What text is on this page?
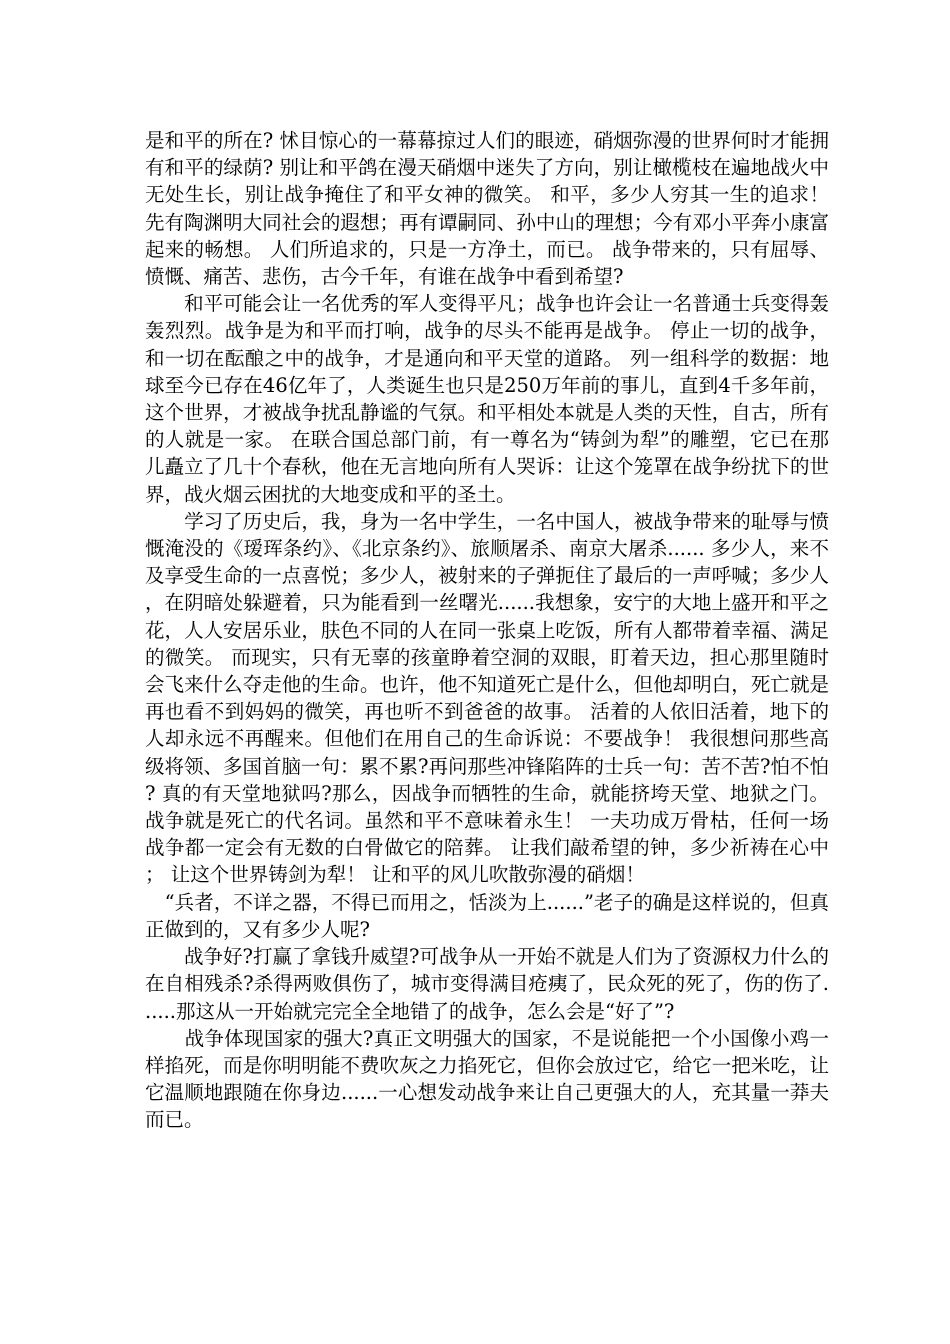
是和平的所在? 怵目惊心的一幕幕掠过人们的眼迹，硝烟弥漫的世界何时才能拥有和平的绿荫? 别让和平鸽在漫天硝烟中迷失了方向，别让橄榄枝在遍地战火中无处生长，别让战争掩住了和平女神的微笑。 和平，多少人穷其一生的追求！ 先有陶渊明大同社会的遐想；再有谭嗣同、孙中山的理想；今有邓小平奔小康富起来的畅想。 人们所追求的，只是一方净土，而已。 战争带来的，只有屈辱、愤慨、痛苦、悲伤，古今千年，有谁在战争中看到希望?

　　和平可能会让一名优秀的军人变得平凡；战争也许会让一名普通士兵变得轰轰烈烈。战争是为和平而打响，战争的尽头不能再是战争。 停止一切的战争，和一切在酝酿之中的战争，才是通向和平天堂的道路。 列一组科学的数据：地球至今已存在46亿年了，人类诞生也只是250万年前的事儿，直到4千多年前，这个世界，才被战争扰乱静谧的气氛。和平相处本就是人类的天性，自古，所有的人就是一家。 在联合国总部门前，有一尊名为“铸剑为犁”的雕塑，它已在那儿矗立了几十个春秋，他在无言地向所有人哭诉：让这个笼罩在战争纷扰下的世界，战火烟云困扰的大地变成和平的圣土。

　　学习了历史后，我，身为一名中学生，一名中国人，被战争带来的耻辱与愤慨淹没的《瑷珲条约》、《北京条约》、旅顺屠杀、南京大屠杀...... 多少人，来不及享受生命的一点喜悦；多少人，被射来的子弹扼住了最后的一声呼喊；多少人，在阴暗处躲避着，只为能看到一丝曙光......我想象，安宁的大地上盛开和平之花，人人安居乐业，肤色不同的人在同一张桌上吃饭，所有人都带着幸福、满足的微笑。 而现实，只有无辜的孩童睁着空洞的双眼，盯着天边，担心那里随时会飞来什么夺走他的生命。也许，他不知道死亡是什么，但他却明白，死亡就是再也看不到妈妈的微笑，再也听不到爸爸的故事。 活着的人依旧活着，地下的人却永远不再醒来。但他们在用自己的生命诉说：不要战争！ 我很想问那些高级将领、多国首脑一句：累不累?再问那些冲锋陷阵的士兵一句：苦不苦?怕不怕? 真的有天堂地狱吗?那么，因战争而牺牲的生命，就能挤垮天堂、地狱之门。 战争就是死亡的代名词。虽然和平不意味着永生！ 一夫功成万骨枯，任何一场战争都一定会有无数的白骨做它的陪葬。 让我们敲希望的钟，多少祈祷在心中； 让这个世界铸剑为犁！ 让和平的风儿吹散弥漫的硝烟！

　“兵者，不详之器，不得已而用之，恬淡为上......”老子的确是这样说的，但真正做到的，又有多少人呢?

　　战争好?打赢了拿钱升威望?可战争从一开始不就是人们为了资源权力什么的在自相残杀?杀得两败俱伤了，城市变得满目疮痍了，民众死的死了，伤的伤了......那这从一开始就完完全全地错了的战争，怎么会是“好了”?

　　战争体现国家的强大?真正文明强大的国家，不是说能把一个小国像小鸡一样掐死，而是你明明能不费吹灰之力掐死它，但你会放过它，给它一把米吃，让它温顺地跟随在你身边......一心想发动战争来让自己更强大的人，充其量一莽夫而已。
